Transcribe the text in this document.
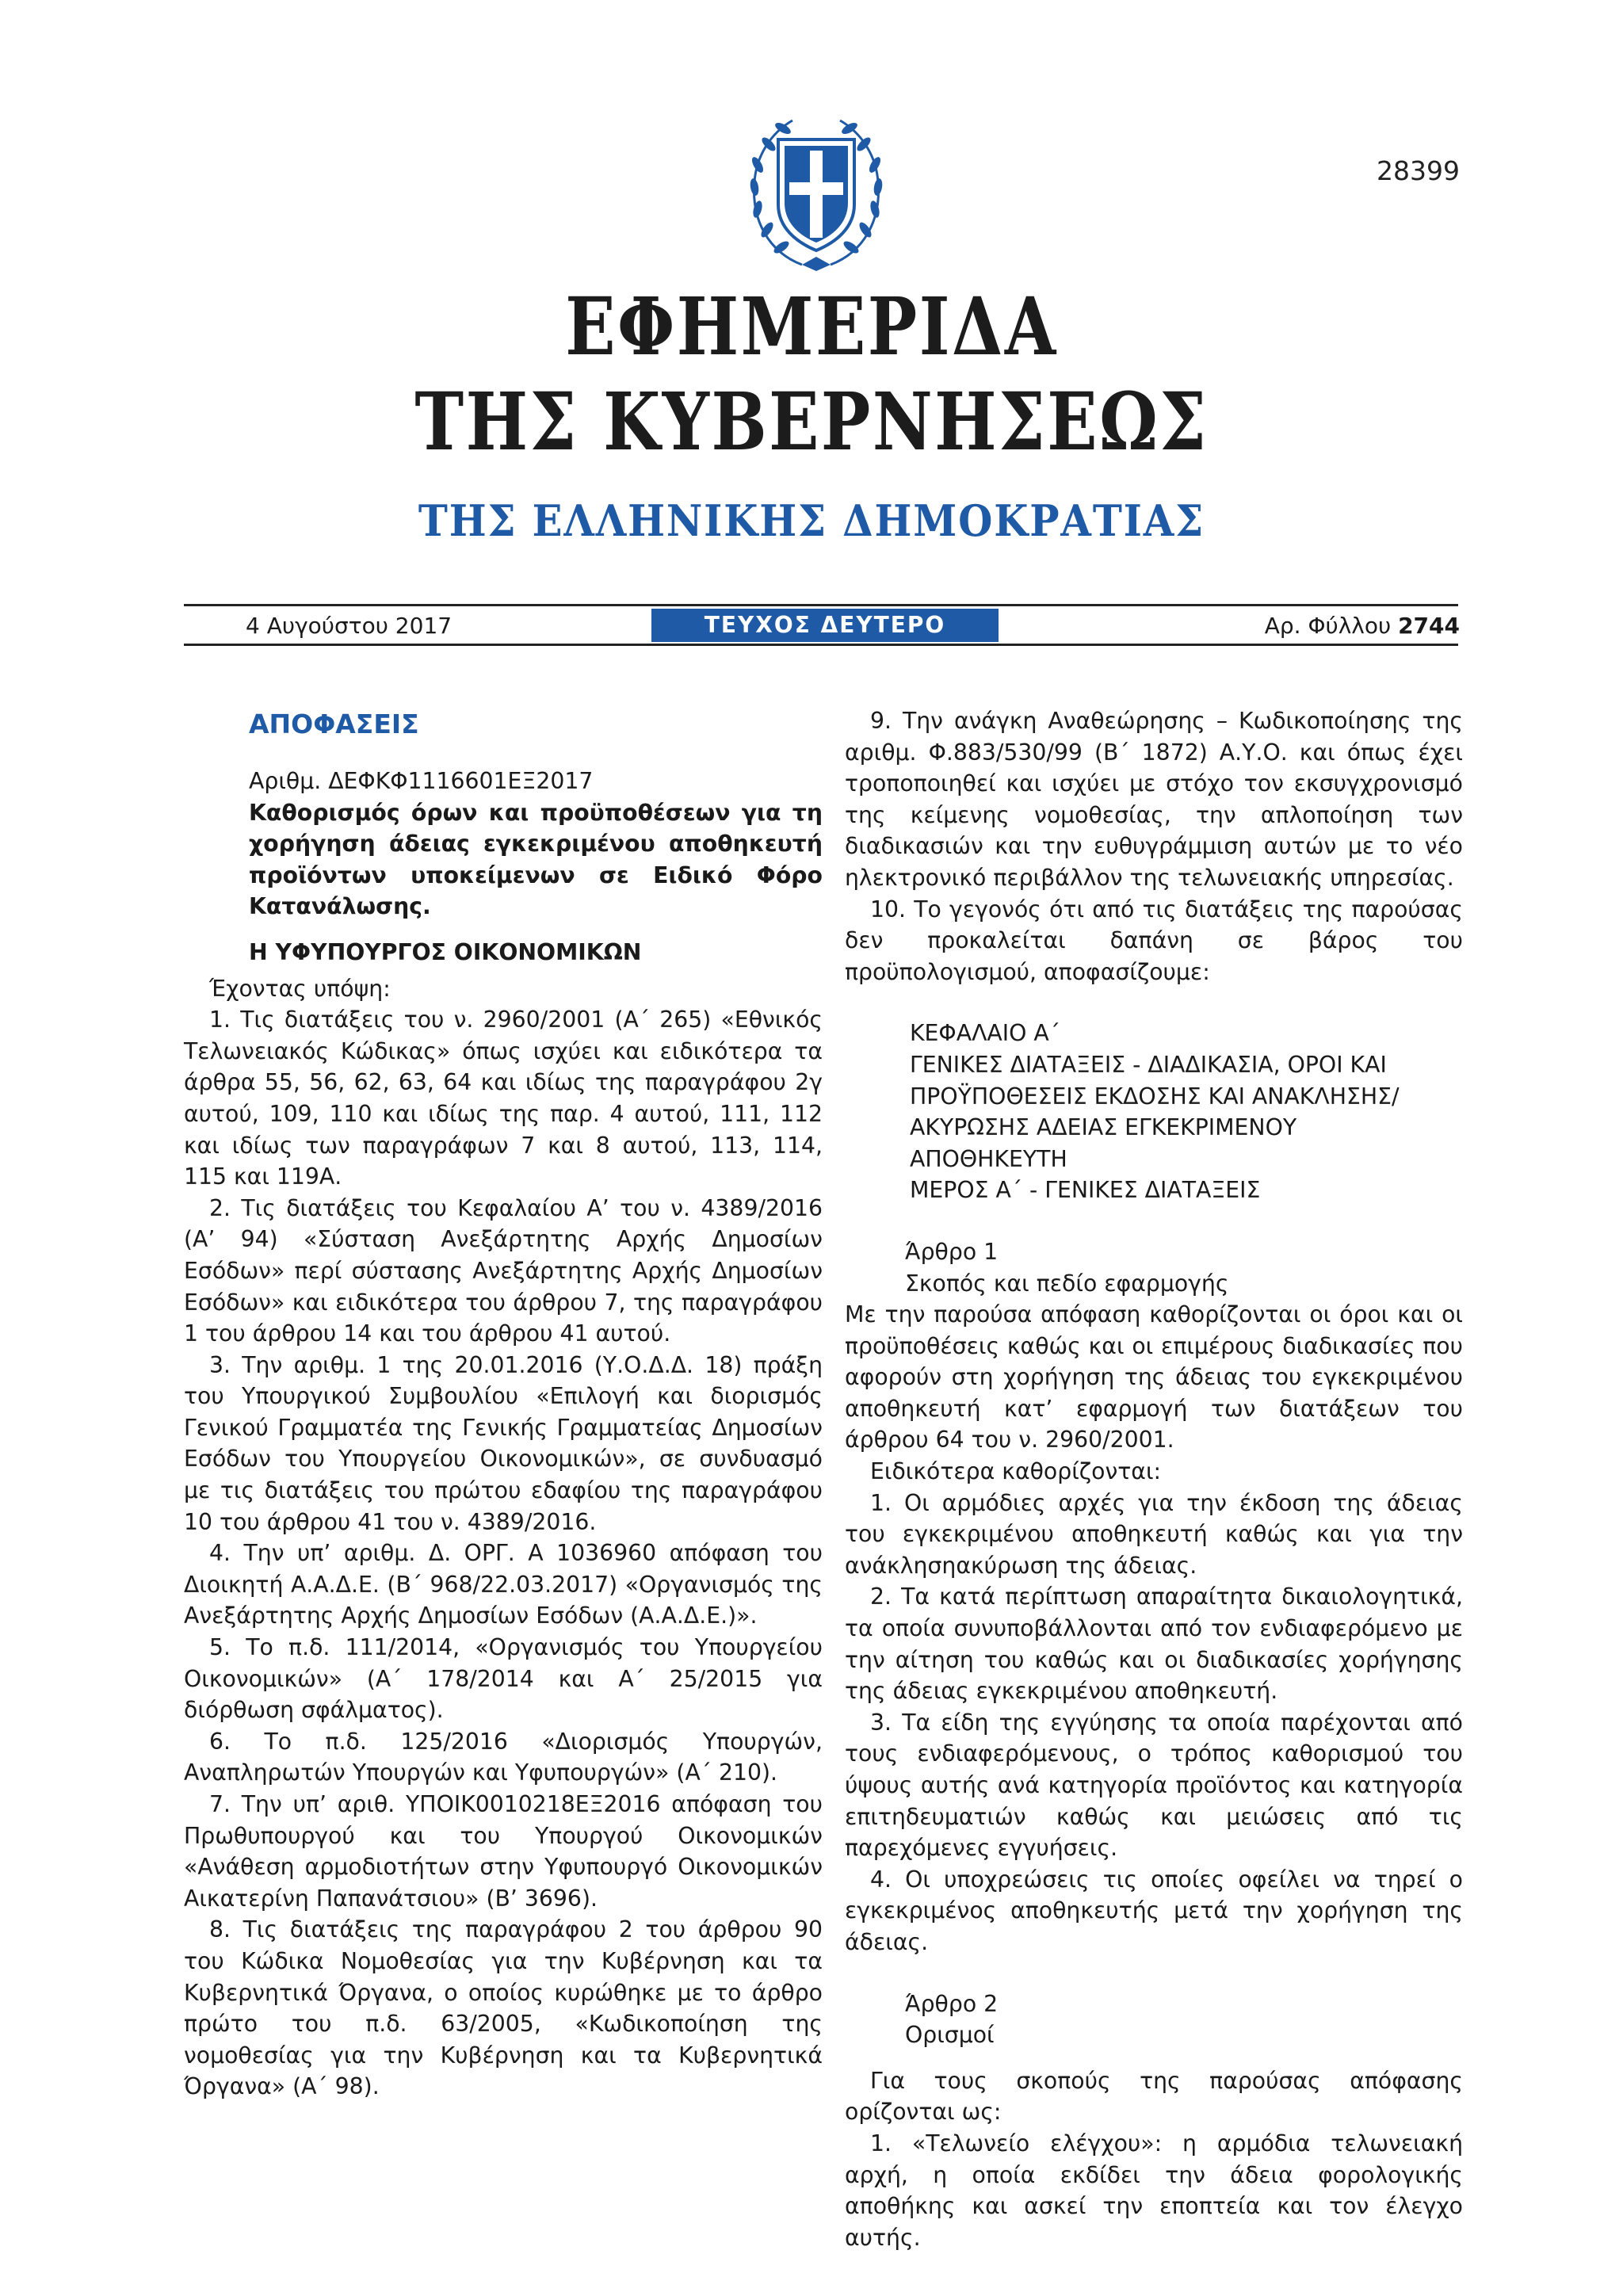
28399
ΕΦΗΜΕΡΙΔΑ
ΤΗΣ ΚΥΒΕΡΝΗΣΕΩΣ
ΤΗΣ ΕΛΛΗΝΙΚΗΣ ΔΗΜΟΚΡΑΤΙΑΣ
4 Αυγούστου 2017	ΤΕΥΧΟΣ ΔΕΥΤΕΡΟ	Αρ. Φύλλου 2744

ΑΠΟΦΑΣΕΙΣ

Αριθμ. ΔΕΦΚΦ1116601ΕΞ2017

Καθορισμός όρων και προϋποθέσεων για τη χορήγηση άδειας εγκεκριμένου αποθηκευτή προϊόντων υποκείμενων σε Ειδικό Φόρο Κατανάλωσης.

Η ΥΦΥΠΟΥΡΓΟΣ ΟΙΚΟΝΟΜΙΚΩΝ

Έχοντας υπόψη:

1. Τις διατάξεις του ν. 2960/2001 (Α΄ 265) «Εθνικός Τελωνειακός Κώδικας» όπως ισχύει και ειδικότερα τα άρθρα 55, 56, 62, 63, 64 και ιδίως της παραγράφου 2γ αυτού, 109, 110 και ιδίως της παρ. 4 αυτού, 111, 112 και ιδίως των παραγράφων 7 και 8 αυτού, 113, 114, 115 και 119Α.

2. Τις διατάξεις του Κεφαλαίου Α’ του ν. 4389/2016 (Α’ 94) «Σύσταση Ανεξάρτητης Αρχής Δημοσίων Εσόδων» περί σύστασης Ανεξάρτητης Αρχής Δημοσίων Εσόδων» και ειδικότερα του άρθρου 7, της παραγράφου 1 του άρθρου 14 και του άρθρου 41 αυτού.

3. Την αριθμ. 1 της 20.01.2016 (Υ.Ο.Δ.Δ. 18) πράξη του Υπουργικού Συμβουλίου «Επιλογή και διορισμός Γενικού Γραμματέα της Γενικής Γραμματείας Δημοσίων Εσόδων του Υπουργείου Οικονομικών», σε συνδυασμό με τις διατάξεις του πρώτου εδαφίου της παραγράφου 10 του άρθρου 41 του ν. 4389/2016.

4. Την υπ’ αριθμ. Δ. ΟΡΓ. Α 1036960 απόφαση του Διοικητή Α.Α.Δ.Ε. (Β΄ 968/22.03.2017) «Οργανισμός της Ανεξάρτητης Αρχής Δημοσίων Εσόδων (Α.Α.Δ.Ε.)».

5. Το π.δ. 111/2014, «Οργανισμός του Υπουργείου Οικονομικών» (Α΄ 178/2014 και Α΄ 25/2015 για διόρθωση σφάλματος).

6. Το π.δ. 125/2016 «Διορισμός Υπουργών, Αναπληρωτών Υπουργών και Υφυπουργών» (Α΄ 210).

7. Την υπ’ αριθ. ΥΠΟΙΚ0010218ΕΞ2016 απόφαση του Πρωθυπουργού και του Υπουργού Οικονομικών «Ανάθεση αρμοδιοτήτων στην Υφυπουργό Οικονομικών Αικατερίνη Παπανάτσιου» (Β’ 3696).

8. Τις διατάξεις της παραγράφου 2 του άρθρου 90 του Κώδικα Νομοθεσίας για την Κυβέρνηση και τα Κυβερνητικά Όργανα, ο οποίος κυρώθηκε με το άρθρο πρώτο του π.δ. 63/2005, «Κωδικοποίηση της νομοθεσίας για την Κυβέρνηση και τα Κυβερνητικά Όργανα» (Α΄ 98).

9. Την ανάγκη Αναθεώρησης – Κωδικοποίησης της αριθμ. Φ.883/530/99 (Β΄ 1872) Α.Υ.Ο. και όπως έχει τροποποιηθεί και ισχύει με στόχο τον εκσυγχρονισμό της κείμενης νομοθεσίας, την απλοποίηση των διαδικασιών και την ευθυγράμμιση αυτών με το νέο ηλεκτρονικό περιβάλλον της τελωνειακής υπηρεσίας.

10. Το γεγονός ότι από τις διατάξεις της παρούσας δεν προκαλείται δαπάνη σε βάρος του προϋπολογισμού, αποφασίζουμε:

ΚΕΦΑΛΑΙΟ Α΄

ΓΕΝΙΚΕΣ ΔΙΑΤΑΞΕΙΣ - ΔΙΑΔΙΚΑΣΙΑ, ΟΡΟΙ ΚΑΙ

ΠΡΟΫΠΟΘΕΣΕΙΣ ΕΚΔΟΣΗΣ ΚΑΙ ΑΝΑΚΛΗΣΗΣ/

ΑΚΥΡΩΣΗΣ ΑΔΕΙΑΣ ΕΓΚΕΚΡΙΜΕΝΟΥ

ΑΠΟΘΗΚΕΥΤΗ

ΜΕΡΟΣ Α΄ - ΓΕΝΙΚΕΣ ΔΙΑΤΑΞΕΙΣ

Άρθρο 1

Σκοπός και πεδίο εφαρμογής

Με την παρούσα απόφαση καθορίζονται οι όροι και οι προϋποθέσεις καθώς και οι επιμέρους διαδικασίες που αφορούν στη χορήγηση της άδειας του εγκεκριμένου αποθηκευτή κατ’ εφαρμογή των διατάξεων του άρθρου 64 του ν. 2960/2001.

Ειδικότερα καθορίζονται:

1. Οι αρμόδιες αρχές για την έκδοση της άδειας του εγκεκριμένου αποθηκευτή καθώς και για την ανάκλησηακύρωση της άδειας.

2. Τα κατά περίπτωση απαραίτητα δικαιολογητικά, τα οποία συνυποβάλλονται από τον ενδιαφερόμενο με την αίτηση του καθώς και οι διαδικασίες χορήγησης της άδειας εγκεκριμένου αποθηκευτή.

3. Τα είδη της εγγύησης τα οποία παρέχονται από τους ενδιαφερόμενους, ο τρόπος καθορισμού του ύψους αυτής ανά κατηγορία προϊόντος και κατηγορία επιτηδευματιών καθώς και μειώσεις από τις παρεχόμενες εγγυήσεις.

4. Οι υποχρεώσεις τις οποίες οφείλει να τηρεί ο εγκεκριμένος αποθηκευτής μετά την χορήγηση της άδειας.

Άρθρο 2

Ορισμοί

Για τους σκοπούς της παρούσας απόφασης ορίζονται ως:

1. «Τελωνείο ελέγχου»: η αρμόδια τελωνειακή αρχή, η οποία εκδίδει την άδεια φορολογικής αποθήκης και ασκεί την εποπτεία και τον έλεγχο αυτής.
